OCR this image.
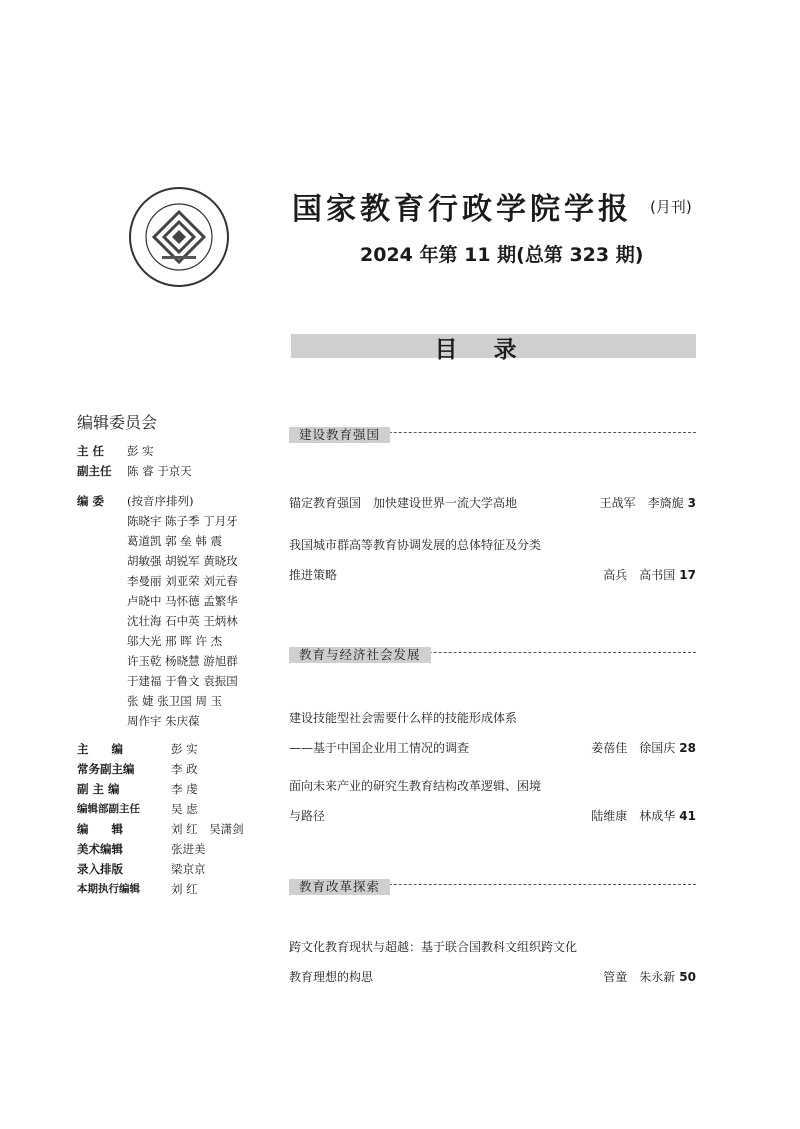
国家教育行政学院学报 (月刊)
2024 年第 11 期(总第 323 期)
目录
编辑委员会
主 任	彭 实
副主任	陈 睿 于京天
编 委	(按音序排列)
陈晓宇 陈子季 丁月牙
葛道凯 郭 垒 韩 震
胡敏强 胡锐军 黄晓玫
李曼丽 刘亚荣 刘元春
卢晓中 马怀德 孟繁华
沈壮海 石中英 王炳林
邬大光 邢 晖 许 杰
许玉乾 杨晓慧 游旭群
于建福 于鲁文 袁振国
张 婕 张卫国 周 玉
周作宇 朱庆葆
主　　编	彭 实
常务副主编	李 政
副 主 编	李 虔
编辑部副主任	吴 虑
编　　辑	刘 红　吴潇剑
美术编辑	张进美
录入排版	梁京京
本期执行编辑	刘 红
建设教育强国
锚定教育强国　加快建设世界一流大学高地	王战军　李旖旎 3
我国城市群高等教育协调发展的总体特征及分类
推进策略	高兵　高书国 17
教育与经济社会发展
建设技能型社会需要什么样的技能形成体系
——基于中国企业用工情况的调查	姜蓓佳　徐国庆 28
面向未来产业的研究生教育结构改革逻辑、困境
与路径	陆维康　林成华 41
教育改革探索
跨文化教育现状与超越：基于联合国教科文组织跨文化
教育理想的构思	管童　朱永新 50
